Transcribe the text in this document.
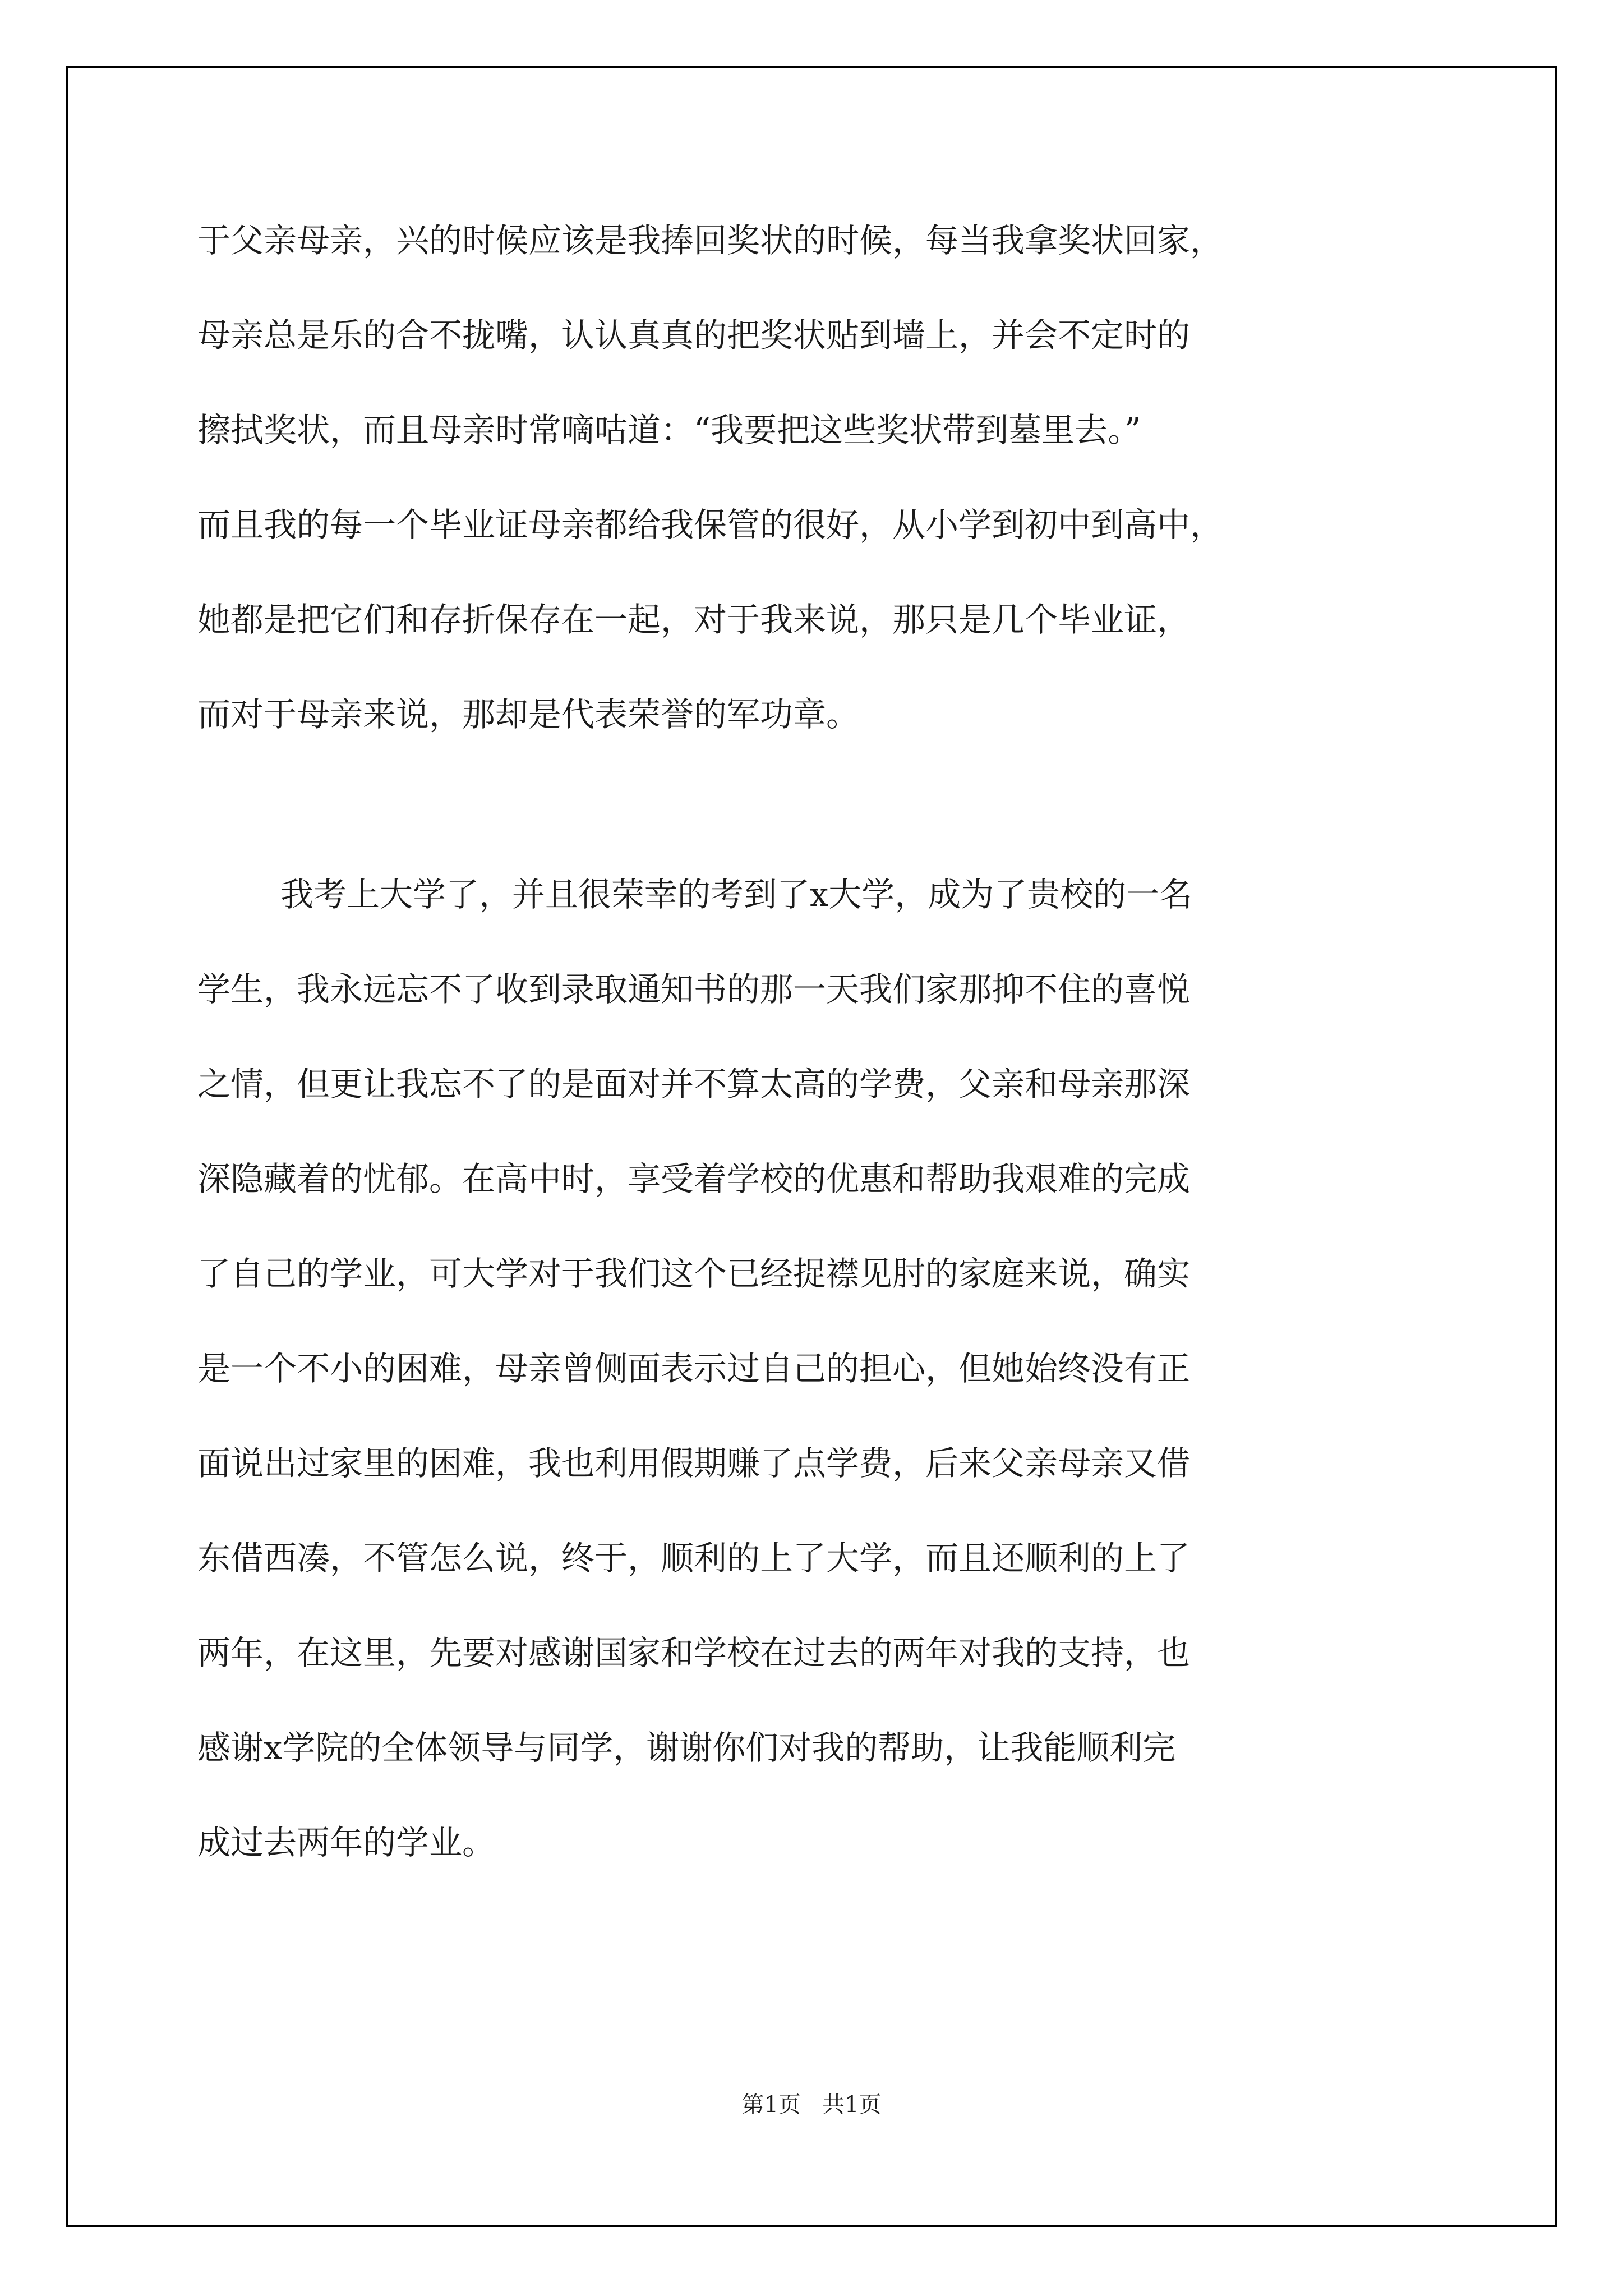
于父亲母亲，兴的时候应该是我捧回奖状的时候，每当我拿奖状回家，
母亲总是乐的合不拢嘴，认认真真的把奖状贴到墙上，并会不定时的
擦拭奖状，而且母亲时常嘀咕道：“我要把这些奖状带到墓里去。”
而且我的每一个毕业证母亲都给我保管的很好，从小学到初中到高中，
她都是把它们和存折保存在一起，对于我来说，那只是几个毕业证，
而对于母亲来说，那却是代表荣誉的军功章。
我考上大学了，并且很荣幸的考到了x大学，成为了贵校的一名
学生，我永远忘不了收到录取通知书的那一天我们家那抑不住的喜悦
之情，但更让我忘不了的是面对并不算太高的学费，父亲和母亲那深
深隐藏着的忧郁。在高中时，享受着学校的优惠和帮助我艰难的完成
了自己的学业，可大学对于我们这个已经捉襟见肘的家庭来说，确实
是一个不小的困难，母亲曾侧面表示过自己的担心，但她始终没有正
面说出过家里的困难，我也利用假期赚了点学费，后来父亲母亲又借
东借西凑，不管怎么说，终于，顺利的上了大学，而且还顺利的上了
两年，在这里，先要对感谢国家和学校在过去的两年对我的支持，也
感谢x学院的全体领导与同学，谢谢你们对我的帮助，让我能顺利完
成过去两年的学业。
第1页   共1页
